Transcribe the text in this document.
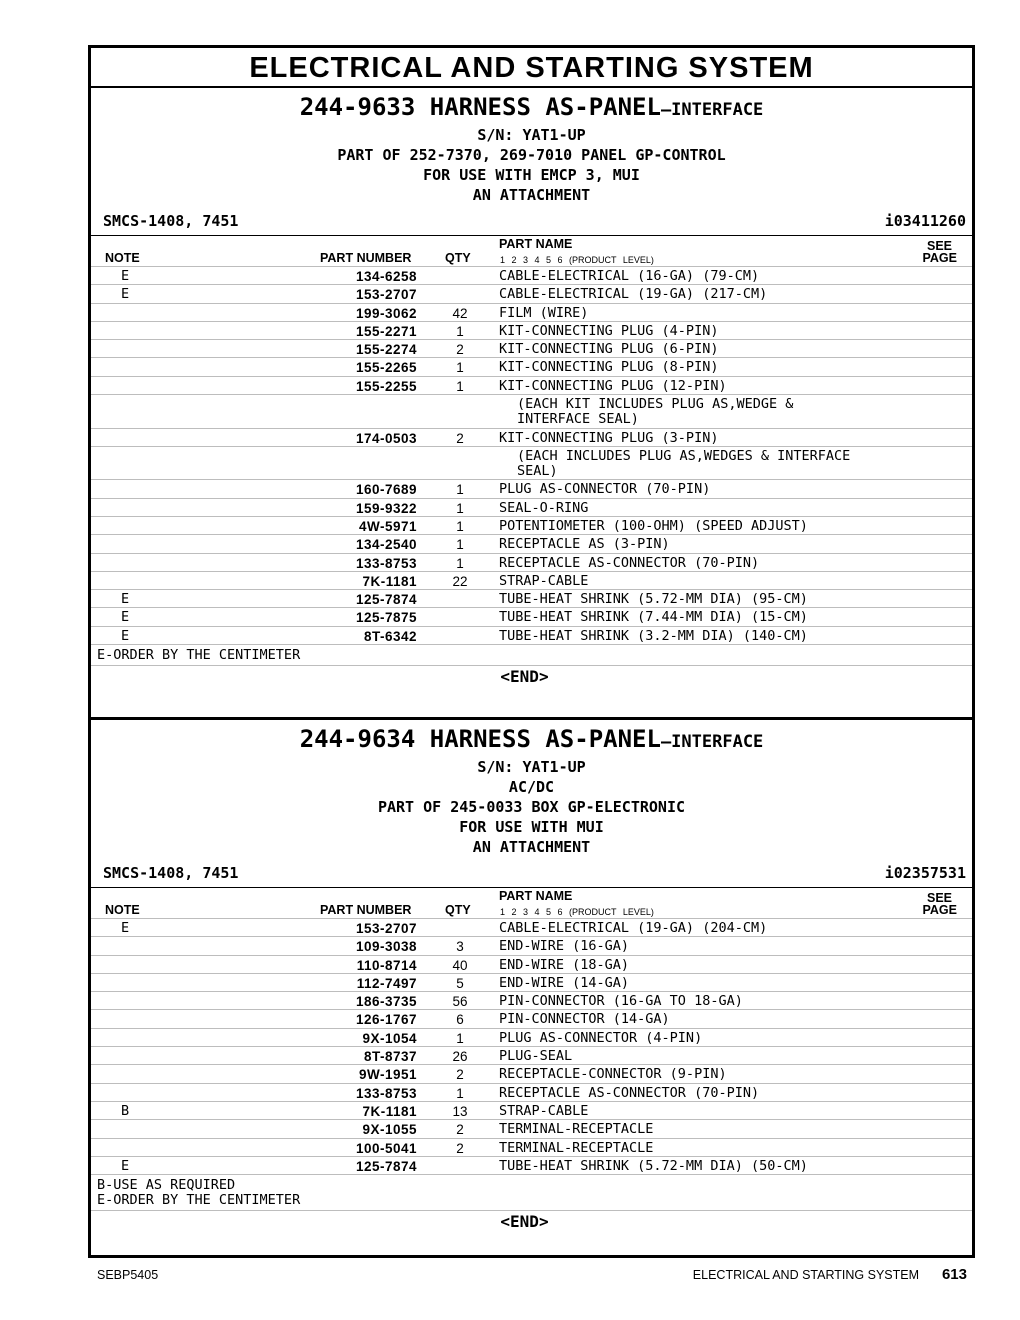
ELECTRICAL AND STARTING SYSTEM
244-9633 HARNESS AS-PANEL—INTERFACE
S/N: YAT1-UP
PART OF 252-7370, 269-7010 PANEL GP-CONTROL
FOR USE WITH EMCP 3, MUI
AN ATTACHMENT
SMCS-1408, 7451	i03411260
NOTE	PART NUMBER	QTY
PART NAME
1 2 3 4 5 6 (PRODUCT LEVEL)
SEE
PAGE
E	134-6258	CABLE-ELECTRICAL (16-GA) (79-CM)
E	153-2707	CABLE-ELECTRICAL (19-GA) (217-CM)
199-3062	42	FILM (WIRE)
155-2271	1	KIT-CONNECTING PLUG (4-PIN)
155-2274	2	KIT-CONNECTING PLUG (6-PIN)
155-2265	1	KIT-CONNECTING PLUG (8-PIN)
155-2255	1	KIT-CONNECTING PLUG (12-PIN)
(EACH KIT INCLUDES PLUG AS,WEDGE &
INTERFACE SEAL)
174-0503	2	KIT-CONNECTING PLUG (3-PIN)
(EACH INCLUDES PLUG AS,WEDGES & INTERFACE
SEAL)
160-7689	1	PLUG AS-CONNECTOR (70-PIN)
159-9322	1	SEAL-O-RING
4W-5971	1	POTENTIOMETER (100-OHM) (SPEED ADJUST)
134-2540	1	RECEPTACLE AS (3-PIN)
133-8753	1	RECEPTACLE AS-CONNECTOR (70-PIN)
7K-1181	22	STRAP-CABLE
E	125-7874	TUBE-HEAT SHRINK (5.72-MM DIA) (95-CM)
E	125-7875	TUBE-HEAT SHRINK (7.44-MM DIA) (15-CM)
E	8T-6342	TUBE-HEAT SHRINK (3.2-MM DIA) (140-CM)
E-ORDER BY THE CENTIMETER
<END>
244-9634 HARNESS AS-PANEL—INTERFACE
S/N: YAT1-UP
AC/DC
PART OF 245-0033 BOX GP-ELECTRONIC
FOR USE WITH MUI
AN ATTACHMENT
SMCS-1408, 7451	i02357531
NOTE	PART NUMBER	QTY
PART NAME
1 2 3 4 5 6 (PRODUCT LEVEL)
SEE
PAGE
E	153-2707	CABLE-ELECTRICAL (19-GA) (204-CM)
109-3038	3	END-WIRE (16-GA)
110-8714	40	END-WIRE (18-GA)
112-7497	5	END-WIRE (14-GA)
186-3735	56	PIN-CONNECTOR (16-GA TO 18-GA)
126-1767	6	PIN-CONNECTOR (14-GA)
9X-1054	1	PLUG AS-CONNECTOR (4-PIN)
8T-8737	26	PLUG-SEAL
9W-1951	2	RECEPTACLE-CONNECTOR (9-PIN)
133-8753	1	RECEPTACLE AS-CONNECTOR (70-PIN)
B	7K-1181	13	STRAP-CABLE
9X-1055	2	TERMINAL-RECEPTACLE
100-5041	2	TERMINAL-RECEPTACLE
E	125-7874	TUBE-HEAT SHRINK (5.72-MM DIA) (50-CM)
B-USE AS REQUIRED
E-ORDER BY THE CENTIMETER
<END>
SEBP5405	ELECTRICAL AND STARTING SYSTEM 613
